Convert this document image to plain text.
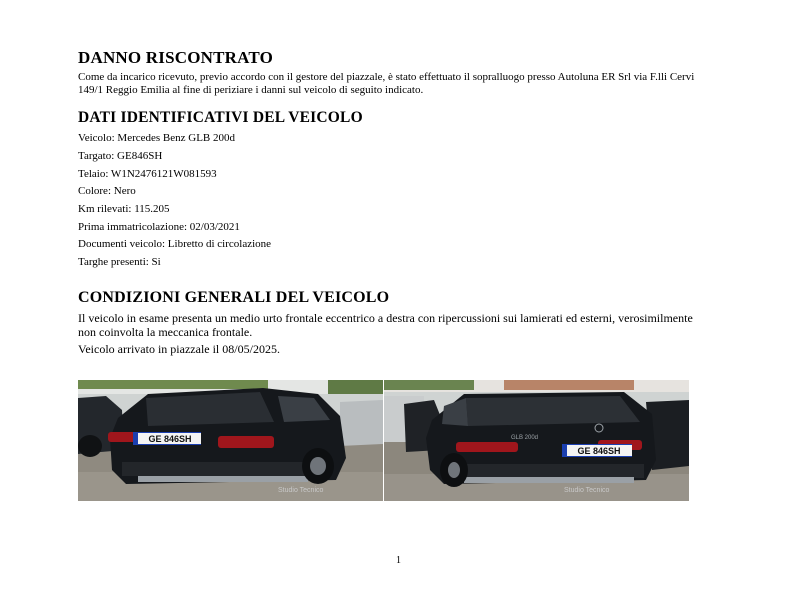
DANNO RISCONTRATO
Come da incarico ricevuto, previo accordo con il gestore del piazzale, è stato effettuato il sopralluogo presso Autoluna ER Srl via F.lli Cervi 149/1 Reggio Emilia al fine di periziare i danni sul veicolo di seguito indicato.
DATI IDENTIFICATIVI DEL VEICOLO
Veicolo: Mercedes Benz GLB 200d
Targato: GE846SH
Telaio: W1N2476121W081593
Colore: Nero
Km rilevati: 115.205
Prima immatricolazione: 02/03/2021
Documenti veicolo: Libretto di circolazione
Targhe presenti: Si
CONDIZIONI GENERALI DEL VEICOLO
Il veicolo in esame presenta un medio urto frontale eccentrico a destra con ripercussioni sui lamierati ed esterni, verosimilmente non coinvolta la meccanica frontale.
Veicolo arrivato in piazzale il 08/05/2025.
GE 846SH
Studio Tecnico
GLB 200d
GE 846SH
Studio Tecnico
1
